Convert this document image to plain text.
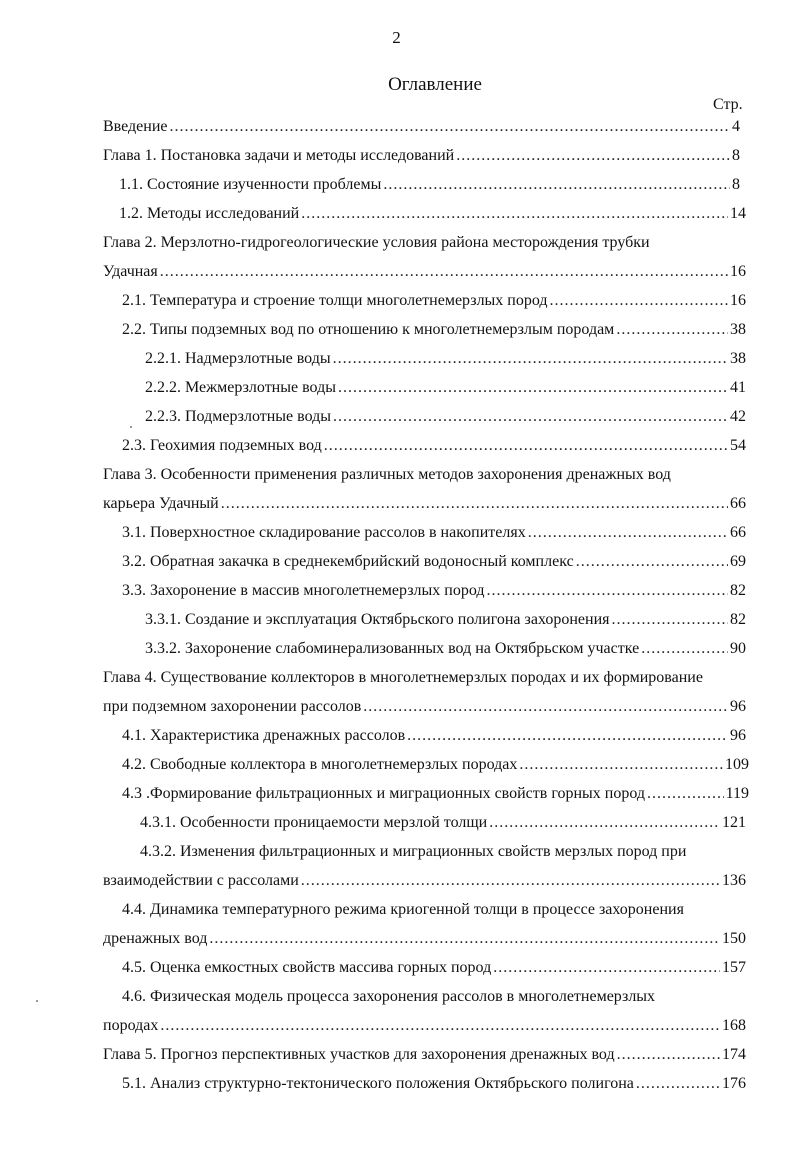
2
Оглавление
Стр.
Введение .....	4
Глава 1. Постановка задачи и методы исследований .....	8
1.1. Состояние изученности проблемы .....	8
1.2. Методы исследований .....	14
Глава 2. Мерзлотно-гидрогеологические условия района месторождения трубки
Удачная .....	16
2.1. Температура и строение толщи многолетнемерзлых пород .....	16
2.2. Типы подземных вод по отношению к многолетнемерзлым породам .....	38
2.2.1. Надмерзлотные воды .....	38
2.2.2. Межмерзлотные воды .....	41
2.2.3. Подмерзлотные воды .....	42
2.3. Геохимия подземных вод .....	54
Глава 3. Особенности применения различных методов захоронения дренажных вод
карьера Удачный .....	66
3.1. Поверхностное складирование рассолов в накопителях .....	66
3.2. Обратная закачка в среднекембрийский водоносный комплекс .....	69
3.3. Захоронение в массив многолетнемерзлых пород .....	82
3.3.1. Создание и эксплуатация Октябрьского полигона захоронения .....	82
3.3.2. Захоронение слабоминерализованных вод на Октябрьском участке .....	90
Глава 4. Существование коллекторов в многолетнемерзлых породах и их формирование
при подземном захоронении рассолов .....	96
4.1. Характеристика дренажных рассолов .....	96
4.2. Свободные коллектора в многолетнемерзлых породах .....	109
4.3 .Формирование фильтрационных и миграционных свойств горных пород .....	119
4.3.1. Особенности проницаемости мерзлой толщи .....	121
4.3.2. Изменения фильтрационных и миграционных свойств мерзлых пород при
взаимодействии с рассолами .....	136
4.4. Динамика температурного режима криогенной толщи в процессе захоронения
дренажных вод .....	150
4.5. Оценка емкостных свойств массива горных пород .....	157
4.6. Физическая модель процесса захоронения рассолов в многолетнемерзлых
породах .....	168
Глава 5. Прогноз перспективных участков для захоронения дренажных вод .....	174
5.1. Анализ структурно-тектонического положения Октябрьского полигона .....	176
